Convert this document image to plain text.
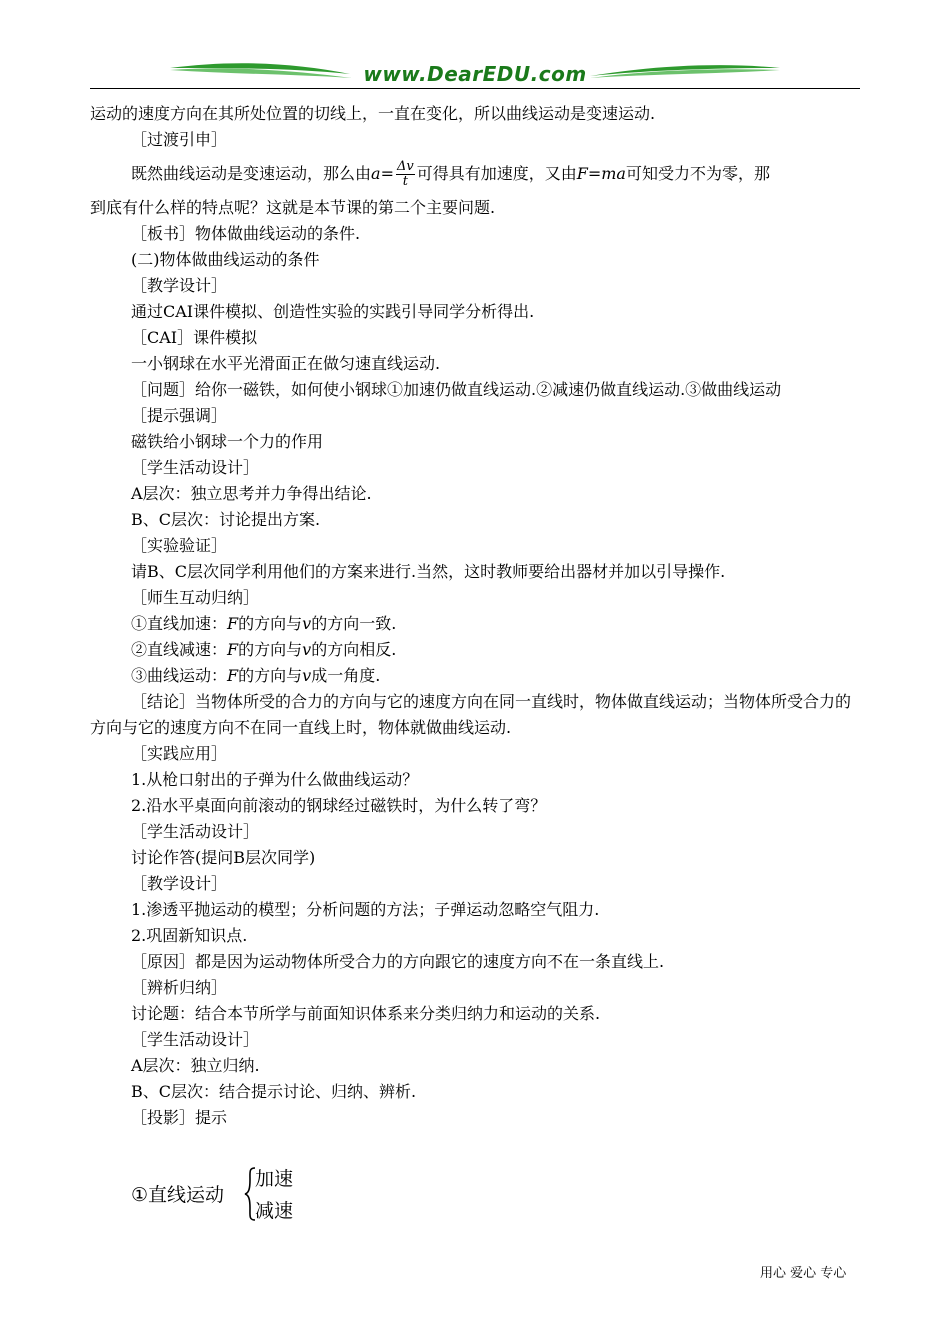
www.DearEDU.com

运动的速度方向在其所处位置的切线上，一直在变化，所以曲线运动是变速运动.

［过渡引申］

既然曲线运动是变速运动，那么由$a= \frac{\Delta v}{t}$ 可得具有加速度，又由F=ma可知受力不为零，那

到底有什么样的特点呢？这就是本节课的第二个主要问题.

［板书］物体做曲线运动的条件.

(二)物体做曲线运动的条件

［教学设计］

通过CAI课件模拟、创造性实验的实践引导同学分析得出.

［CAI］课件模拟

一小钢球在水平光滑面正在做匀速直线运动.

［问题］给你一磁铁，如何使小钢球①加速仍做直线运动.②减速仍做直线运动.③做曲线运动

［提示强调］

磁铁给小钢球一个力的作用

［学生活动设计］

A层次：独立思考并力争得出结论.

B、C层次：讨论提出方案.

［实验验证］

请B、C层次同学利用他们的方案来进行.当然，这时教师要给出器材并加以引导操作.

［师生互动归纳］

①直线加速：F的方向与v的方向一致.

②直线减速：F的方向与v的方向相反.

③曲线运动：F的方向与v成一角度.

［结论］当物体所受的合力的方向与它的速度方向在同一直线时，物体做直线运动；当物体所受合力的方向与它的速度方向不在同一直线上时，物体就做曲线运动.

［实践应用］

1.从枪口射出的子弹为什么做曲线运动？

2.沿水平桌面向前滚动的钢球经过磁铁时，为什么转了弯？

［学生活动设计］

讨论作答(提问B层次同学)

［教学设计］

1.渗透平抛运动的模型；分析问题的方法；子弹运动忽略空气阻力.

2.巩固新知识点.

［原因］都是因为运动物体所受合力的方向跟它的速度方向不在一条直线上.

［辨析归纳］

讨论题：结合本节所学与前面知识体系来分类归纳力和运动的关系.

［学生活动设计］

A层次：独立归纳.

B、C层次：结合提示讨论、归纳、辨析.

［投影］提示

①直线运动
加速
减速
用心 爱心 专心
